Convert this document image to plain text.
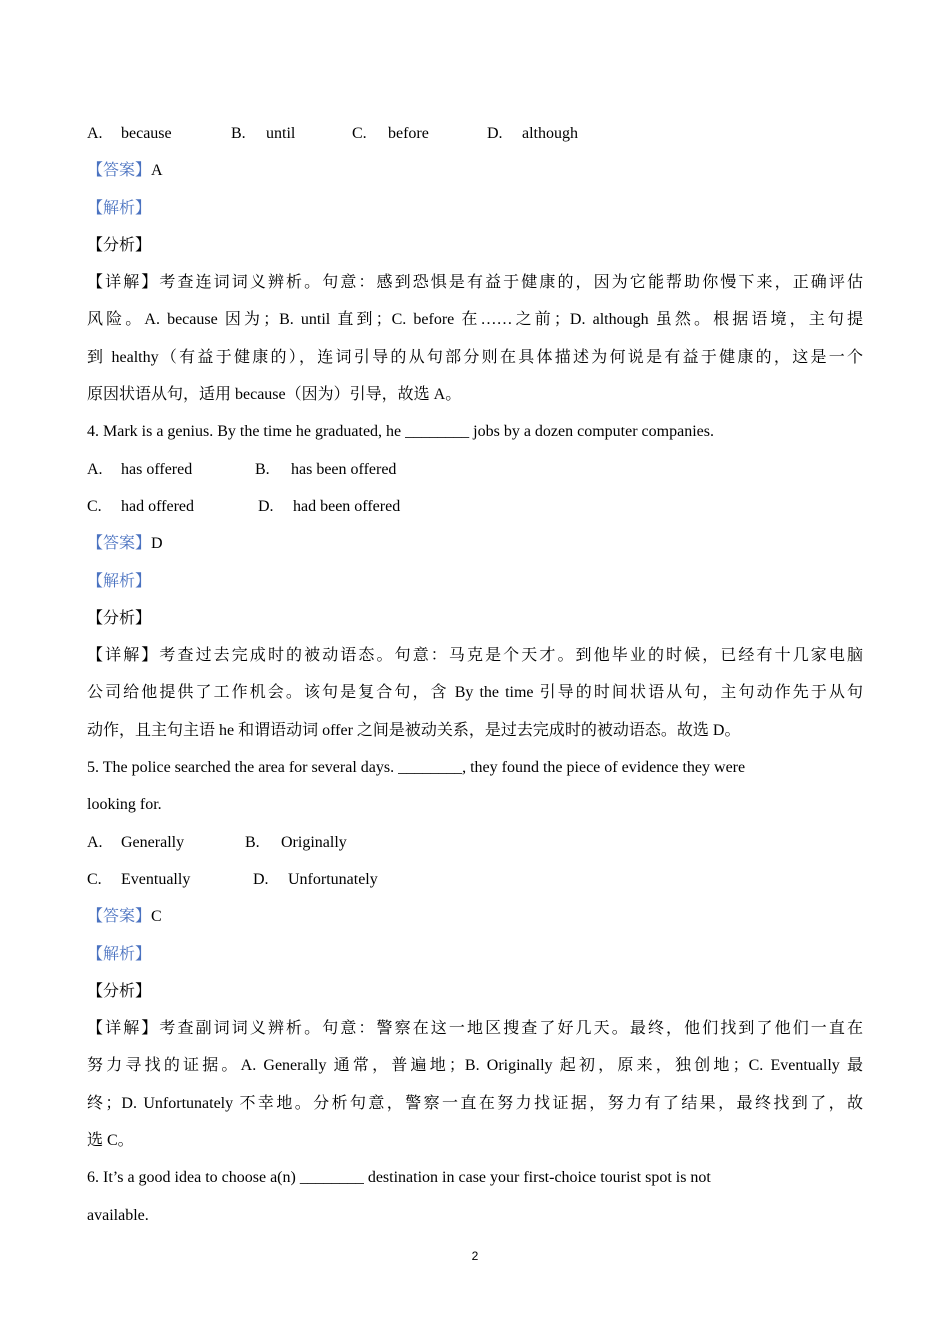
A. because	B. until	C. before	D. although
【答案】A
【解析】
【分析】
【详解】考查连词词义辨析。句意：感到恐惧是有益于健康的，因为它能帮助你慢下来，正确评估
风险。A. because 因为；B. until 直到；C. before 在……之前；D. although 虽然。根据语境，主句提
到 healthy（有益于健康的），连词引导的从句部分则在具体描述为何说是有益于健康的，这是一个
原因状语从句，适用 because（因为）引导，故选 A。
4. Mark is a genius. By the time he graduated, he ________ jobs by a dozen computer companies.
A. has offered	B. has been offered
C. had offered	D. had been offered
【答案】D
【解析】
【分析】
【详解】考查过去完成时的被动语态。句意：马克是个天才。到他毕业的时候，已经有十几家电脑
公司给他提供了工作机会。该句是复合句，含 By the time 引导的时间状语从句，主句动作先于从句
动作，且主句主语 he 和谓语动词 offer 之间是被动关系，是过去完成时的被动语态。故选 D。
5. The police searched the area for several days. ________, they found the piece of evidence they were
looking for.
A. Generally	B. Originally
C. Eventually	D. Unfortunately
【答案】C
【解析】
【分析】
【详解】考查副词词义辨析。句意：警察在这一地区搜查了好几天。最终，他们找到了他们一直在
努力寻找的证据。A. Generally 通常，普遍地；B. Originally 起初，原来，独创地；C. Eventually 最
终；D. Unfortunately 不幸地。分析句意，警察一直在努力找证据，努力有了结果，最终找到了，故
选 C。
6. It’s a good idea to choose a(n) ________ destination in case your first-choice tourist spot is not
available.
2
